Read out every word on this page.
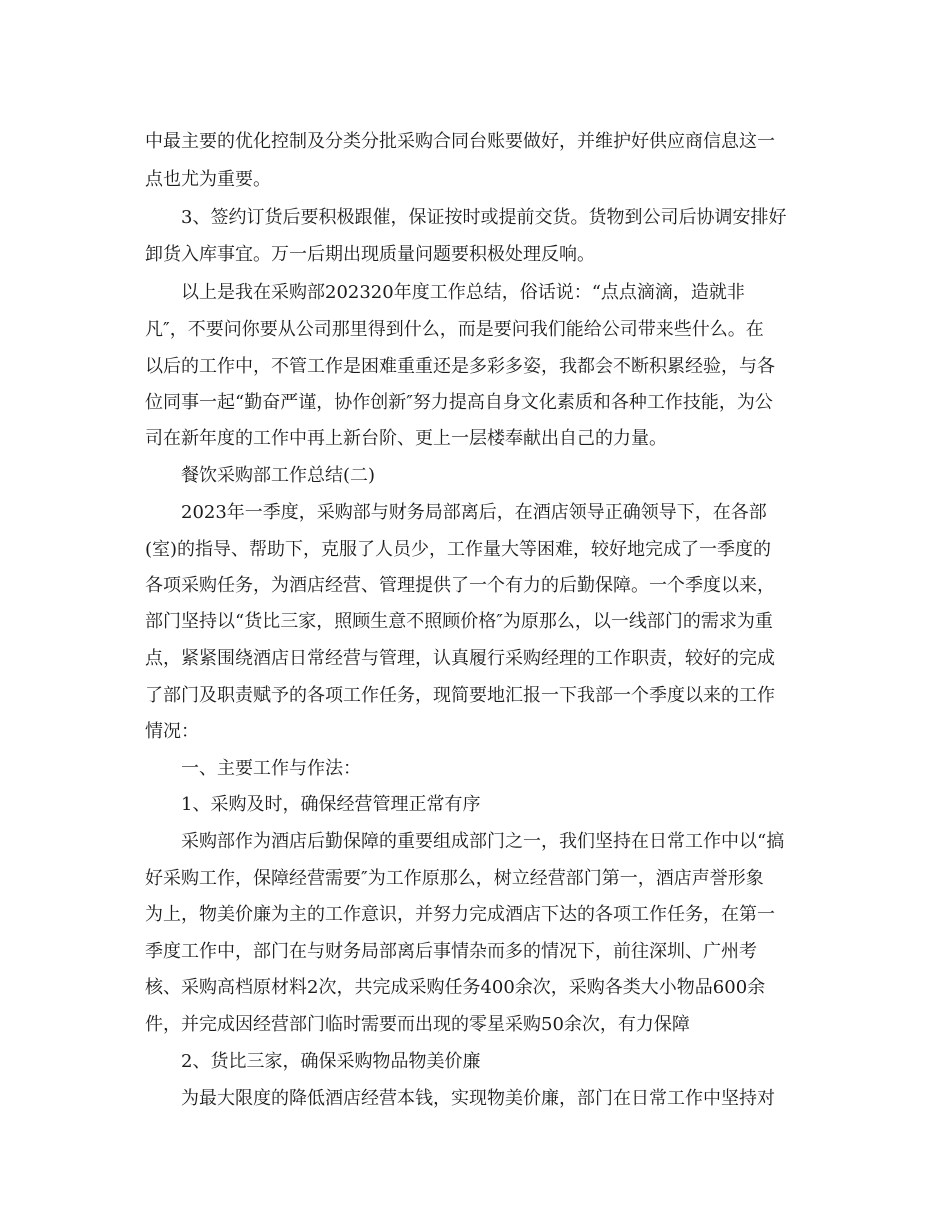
中最主要的优化控制及分类分批采购合同台账要做好，并维护好供应商信息这一
点也尤为重要。
3、签约订货后要积极跟催，保证按时或提前交货。货物到公司后协调安排好
卸货入库事宜。万一后期出现质量问题要积极处理反响。
以上是我在采购部202320年度工作总结，俗话说：“点点滴滴，造就非
凡″，不要问你要从公司那里得到什么，而是要问我们能给公司带来些什么。在
以后的工作中，不管工作是困难重重还是多彩多姿，我都会不断积累经验，与各
位同事一起“勤奋严谨，协作创新″努力提高自身文化素质和各种工作技能，为公
司在新年度的工作中再上新台阶、更上一层楼奉献出自己的力量。
餐饮采购部工作总结(二)
2023年一季度，采购部与财务局部离后，在酒店领导正确领导下，在各部
(室)的指导、帮助下，克服了人员少，工作量大等困难，较好地完成了一季度的
各项采购任务，为酒店经营、管理提供了一个有力的后勤保障。一个季度以来，
部门坚持以“货比三家，照顾生意不照顾价格″为原那么，以一线部门的需求为重
点，紧紧围绕酒店日常经营与管理，认真履行采购经理的工作职责，较好的完成
了部门及职责赋予的各项工作任务，现简要地汇报一下我部一个季度以来的工作
情况：
一、主要工作与作法：
1、采购及时，确保经营管理正常有序
采购部作为酒店后勤保障的重要组成部门之一，我们坚持在日常工作中以“搞
好采购工作，保障经营需要″为工作原那么，树立经营部门第一，酒店声誉形象
为上，物美价廉为主的工作意识，并努力完成酒店下达的各项工作任务，在第一
季度工作中，部门在与财务局部离后事情杂而多的情况下，前往深圳、广州考
核、采购高档原材料2次，共完成采购任务400余次，采购各类大小物品600余
件，并完成因经营部门临时需要而出现的零星采购50余次，有力保障
2、货比三家，确保采购物品物美价廉
为最大限度的降低酒店经营本钱，实现物美价廉，部门在日常工作中坚持对
